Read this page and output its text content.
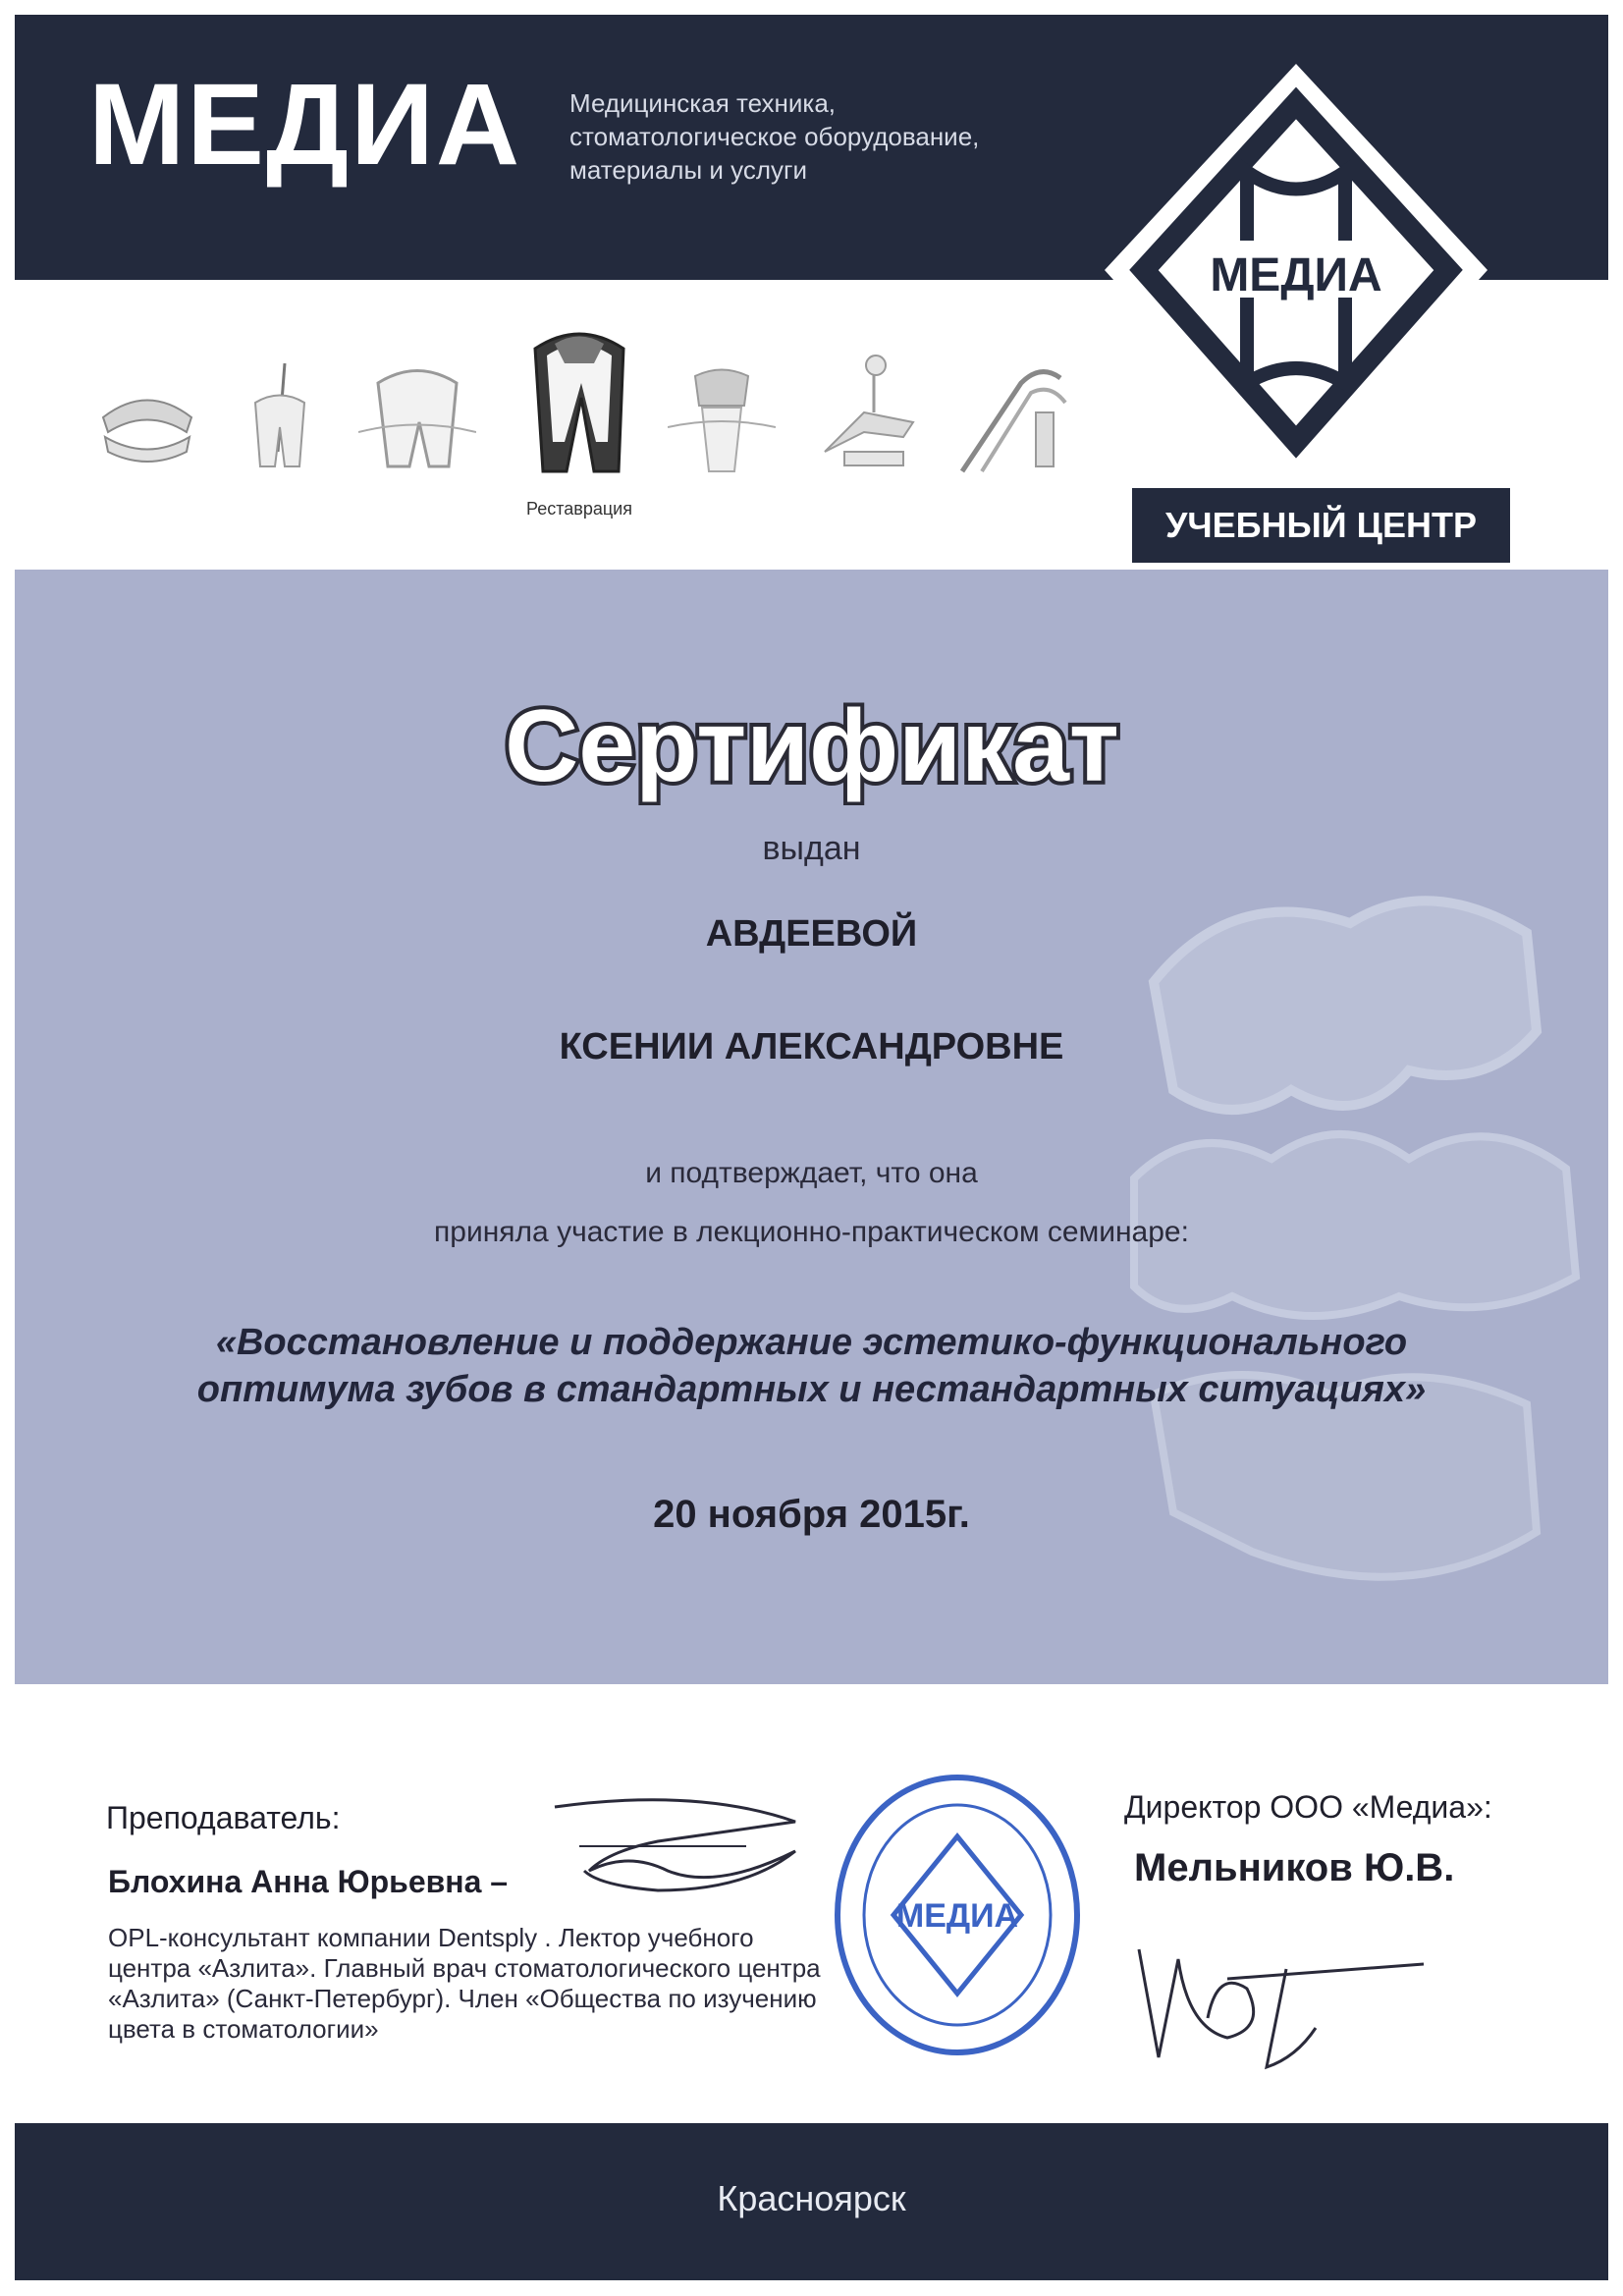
МЕДИА Медицинская техника,
стоматологическое оборудование,
материалы и услуги
Реставрация
МЕДИА
УЧЕБНЫЙ ЦЕНТР
Сертификат
выдан
АВДЕЕВОЙ
КСЕНИИ АЛЕКСАНДРОВНЕ
и подтверждает, что она
приняла участие в лекционно-практическом семинаре:
«Восстановление и поддержание эстетико-функционального
оптимума зубов в стандартных и нестандартных ситуациях»
20 ноября 2015г.
Преподаватель:
Блохина Анна Юрьевна –
OPL-консультант компании Dentsply . Лектор учебного центра «Азлита». Главный врач стоматологического центра «Азлита» (Санкт-Петербург). Член «Общества по изучению цвета в стоматологии»
МЕДИА
Директор ООО «Медиа»:
Мельников Ю.В.
Красноярск
